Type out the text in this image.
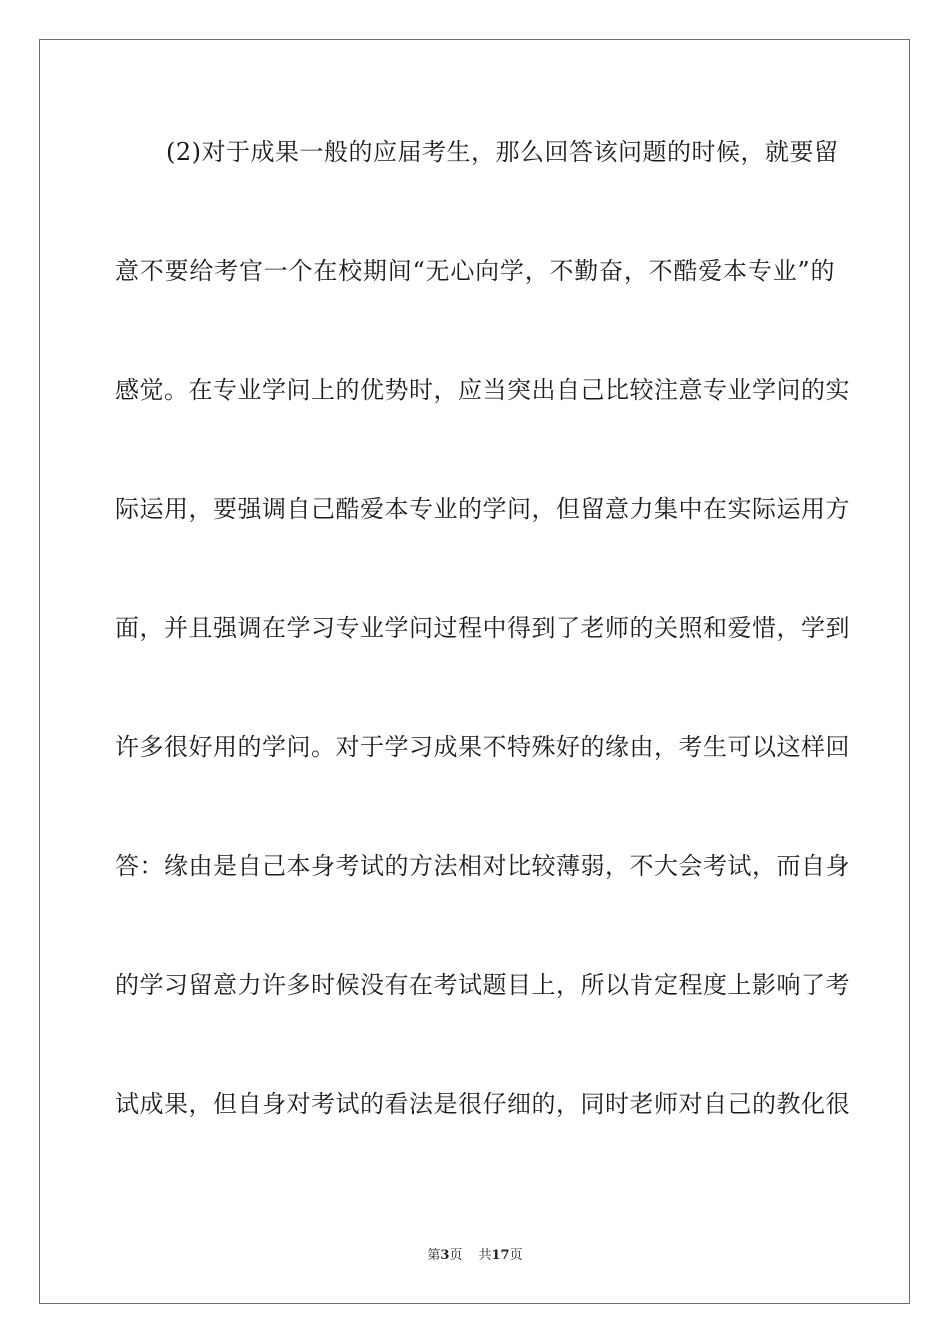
(2)对于成果一般的应届考生，那么回答该问题的时候，就要留
意不要给考官一个在校期间“无心向学，不勤奋，不酷爱本专业”的
感觉。在专业学问上的优势时，应当突出自己比较注意专业学问的实
际运用，要强调自己酷爱本专业的学问，但留意力集中在实际运用方
面，并且强调在学习专业学问过程中得到了老师的关照和爱惜，学到
许多很好用的学问。对于学习成果不特殊好的缘由，考生可以这样回
答：缘由是自己本身考试的方法相对比较薄弱，不大会考试，而自身
的学习留意力许多时候没有在考试题目上，所以肯定程度上影响了考
试成果，但自身对考试的看法是很仔细的，同时老师对自己的教化很
第3页 共17页
